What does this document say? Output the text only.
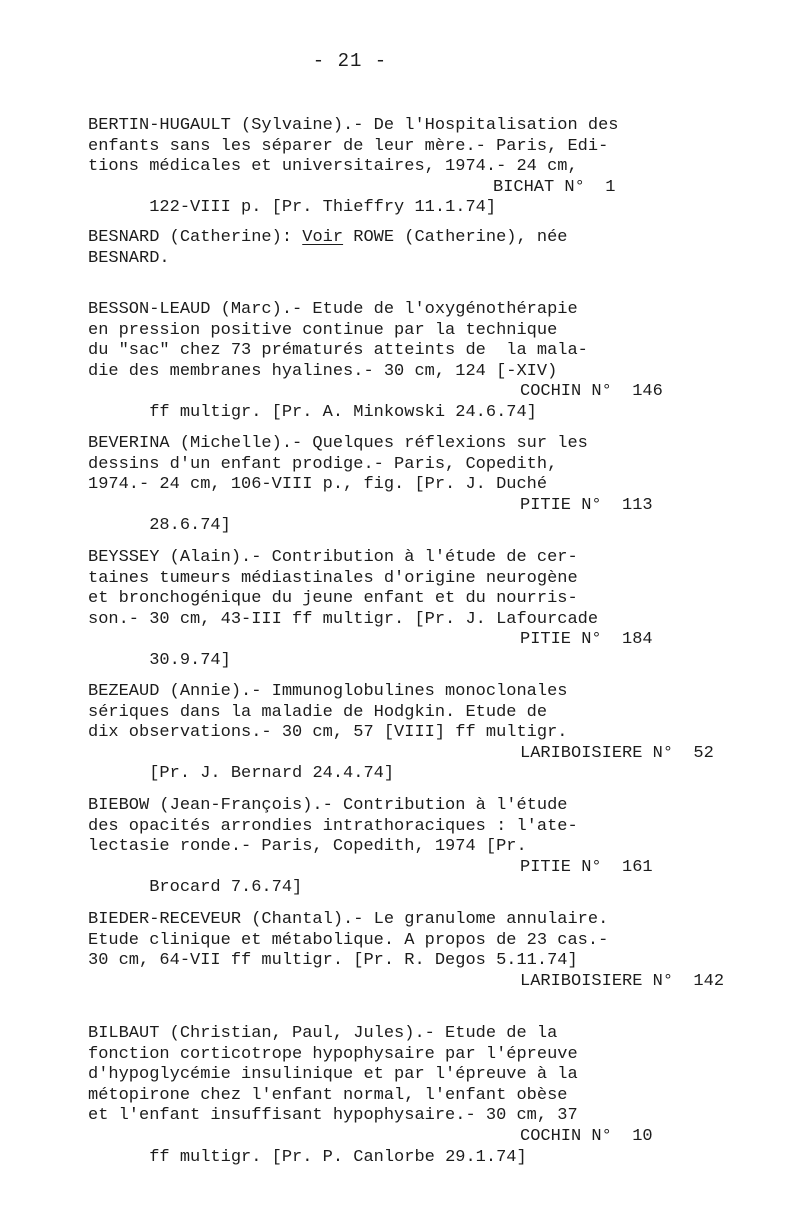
- 21 -
BERTIN-HUGAULT (Sylvaine).- De l'Hospitalisation des
enfants sans les séparer de leur mère.- Paris, Edi-
tions médicales et universitaires, 1974.- 24 cm,

122-VIII p. [Pr. Thieffry 11.1.74]

BICHAT N°  1

BESNARD (Catherine): Voir ROWE (Catherine), née
BESNARD.
BESSON-LEAUD (Marc).- Etude de l'oxygénothérapie
en pression positive continue par la technique
du "sac" chez 73 prématurés atteints de  la mala-
die des membranes hyalines.- 30 cm, 124 [-XIV)

ff multigr. [Pr. A. Minkowski 24.6.74]

COCHIN N°  146

BEVERINA (Michelle).- Quelques réflexions sur les
dessins d'un enfant prodige.- Paris, Copedith,
1974.- 24 cm, 106-VIII p., fig. [Pr. J. Duché

28.6.74]

PITIE N°  113

BEYSSEY (Alain).- Contribution à l'étude de cer-
taines tumeurs médiastinales d'origine neurogène
et bronchogénique du jeune enfant et du nourris-
son.- 30 cm, 43-III ff multigr. [Pr. J. Lafourcade

30.9.74]

PITIE N°  184

BEZEAUD (Annie).- Immunoglobulines monoclonales
sériques dans la maladie de Hodgkin. Etude de
dix observations.- 30 cm, 57 [VIII] ff multigr.

[Pr. J. Bernard 24.4.74]

LARIBOISIERE N°  52

BIEBOW (Jean-François).- Contribution à l'étude
des opacités arrondies intrathoraciques : l'ate-
lectasie ronde.- Paris, Copedith, 1974 [Pr.

Brocard 7.6.74]

PITIE N°  161

BIEDER-RECEVEUR (Chantal).- Le granulome annulaire.
Etude clinique et métabolique. A propos de 23 cas.-
30 cm, 64-VII ff multigr. [Pr. R. Degos 5.11.74]

LARIBOISIERE N°  142

BILBAUT (Christian, Paul, Jules).- Etude de la
fonction corticotrope hypophysaire par l'épreuve
d'hypoglycémie insulinique et par l'épreuve à la
métopirone chez l'enfant normal, l'enfant obèse
et l'enfant insuffisant hypophysaire.- 30 cm, 37

ff multigr. [Pr. P. Canlorbe 29.1.74]

COCHIN N°  10
